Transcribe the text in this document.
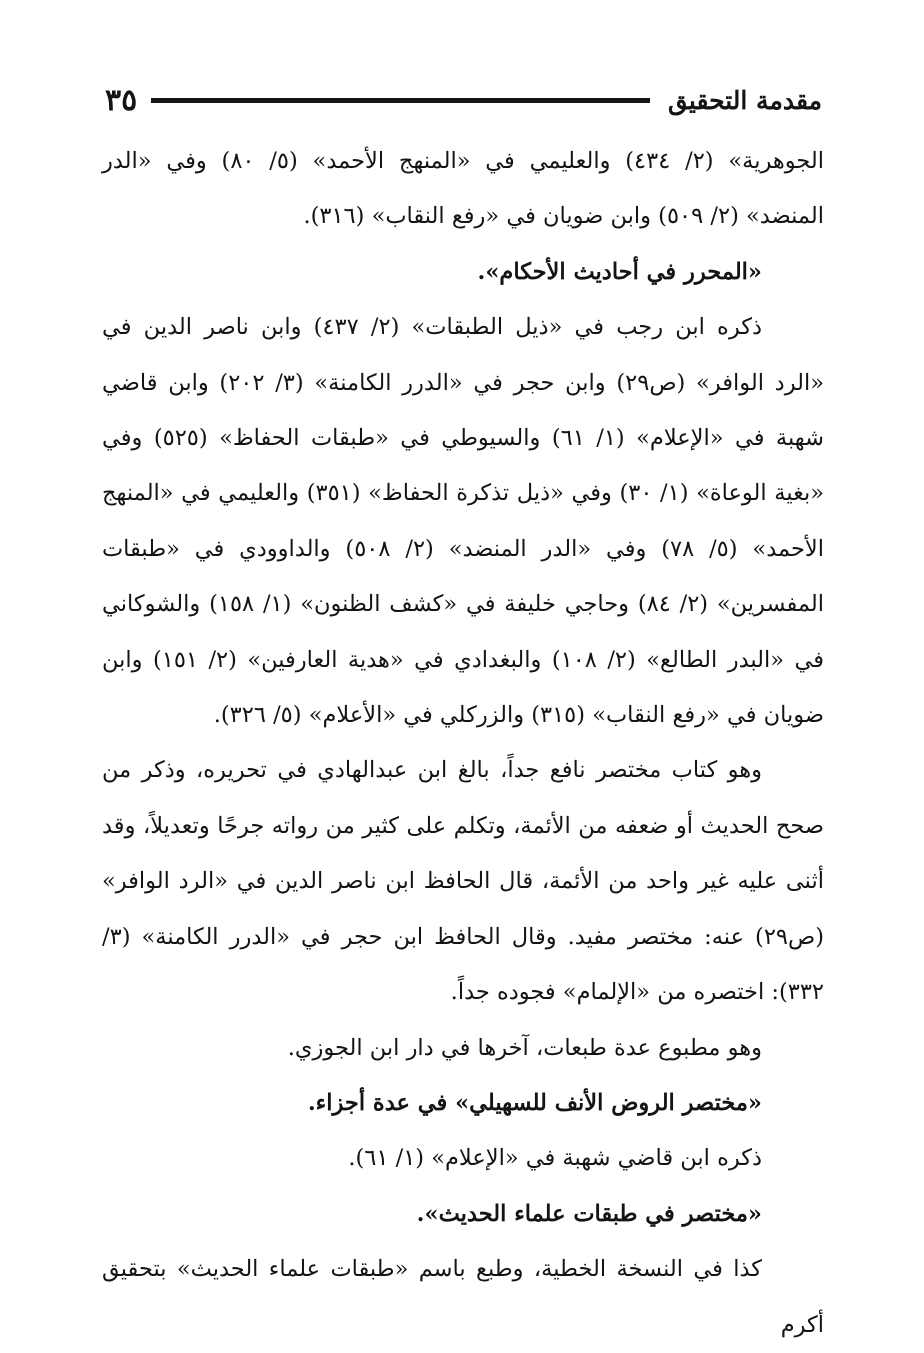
مقدمة التحقيق
٣٥

الجوهرية» (٢/ ٤٣٤) والعليمي في «المنهج الأحمد» (٥/ ٨٠) وفي «الدر المنضد» (٢/ ٥٠٩) وابن ضويان في «رفع النقاب» (٣١٦).

«المحرر في أحاديث الأحكام».

ذكره ابن رجب في «ذيل الطبقات» (٢/ ٤٣٧) وابن ناصر الدين في «الرد الوافر» (ص٢٩) وابن حجر في «الدرر الكامنة» (٣/ ٢٠٢) وابن قاضي شهبة في «الإعلام» (١/ ٦١) والسيوطي في «طبقات الحفاظ» (٥٢٥) وفي «بغية الوعاة» (١/ ٣٠) وفي «ذيل تذكرة الحفاظ» (٣٥١) والعليمي في «المنهج الأحمد» (٥/ ٧٨) وفي «الدر المنضد» (٢/ ٥٠٨) والداوودي في «طبقات المفسرين» (٢/ ٨٤) وحاجي خليفة في «كشف الظنون» (١/ ١٥٨) والشوكاني في «البدر الطالع» (٢/ ١٠٨) والبغدادي في «هدية العارفين» (٢/ ١٥١) وابن ضويان في «رفع النقاب» (٣١٥) والزركلي في «الأعلام» (٥/ ٣٢٦).

وهو كتاب مختصر نافع جداً، بالغ ابن عبدالهادي في تحريره، وذكر من صحح الحديث أو ضعفه من الأئمة، وتكلم على كثير من رواته جرحًا وتعديلاً، وقد أثنى عليه غير واحد من الأئمة، قال الحافظ ابن ناصر الدين في «الرد الوافر» (ص٢٩) عنه: مختصر مفيد. وقال الحافظ ابن حجر في «الدرر الكامنة» (٣/ ٣٣٢): اختصره من «الإلمام» فجوده جداً.

وهو مطبوع عدة طبعات، آخرها في دار ابن الجوزي.

«مختصر الروض الأنف للسهيلي» في عدة أجزاء.

ذكره ابن قاضي شهبة في «الإعلام» (١/ ٦١).

«مختصر في طبقات علماء الحديث».

كذا في النسخة الخطية، وطبع باسم «طبقات علماء الحديث» بتحقيق أكرم
